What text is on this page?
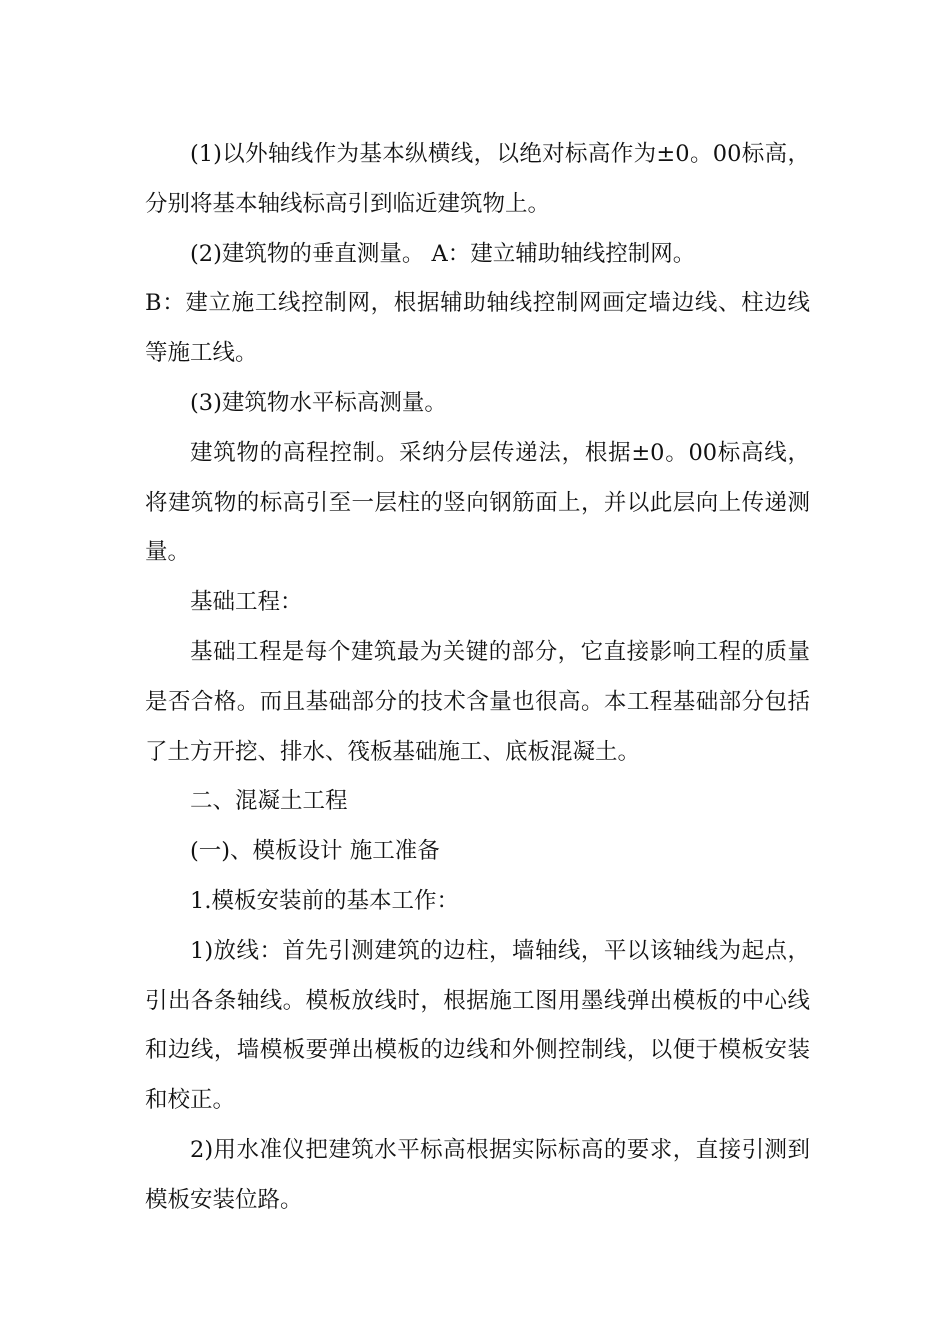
(1)以外轴线作为基本纵横线，以绝对标高作为±0。00标高，分别将基本轴线标高引到临近建筑物上。

(2)建筑物的垂直测量。 A：建立辅助轴线控制网。

B：建立施工线控制网，根据辅助轴线控制网画定墙边线、柱边线等施工线。

(3)建筑物水平标高测量。

建筑物的高程控制。采纳分层传递法，根据±0。00标高线，将建筑物的标高引至一层柱的竖向钢筋面上，并以此层向上传递测量。

基础工程：

基础工程是每个建筑最为关键的部分，它直接影响工程的质量是否合格。而且基础部分的技术含量也很高。本工程基础部分包括了土方开挖、排水、筏板基础施工、底板混凝土。

二、混凝土工程

(一)、模板设计 施工准备

1.模板安装前的基本工作：

1)放线：首先引测建筑的边柱，墙轴线，平以该轴线为起点，引出各条轴线。模板放线时，根据施工图用墨线弹出模板的中心线和边线，墙模板要弹出模板的边线和外侧控制线，以便于模板安装和校正。

2)用水准仪把建筑水平标高根据实际标高的要求，直接引测到模板安装位路。
